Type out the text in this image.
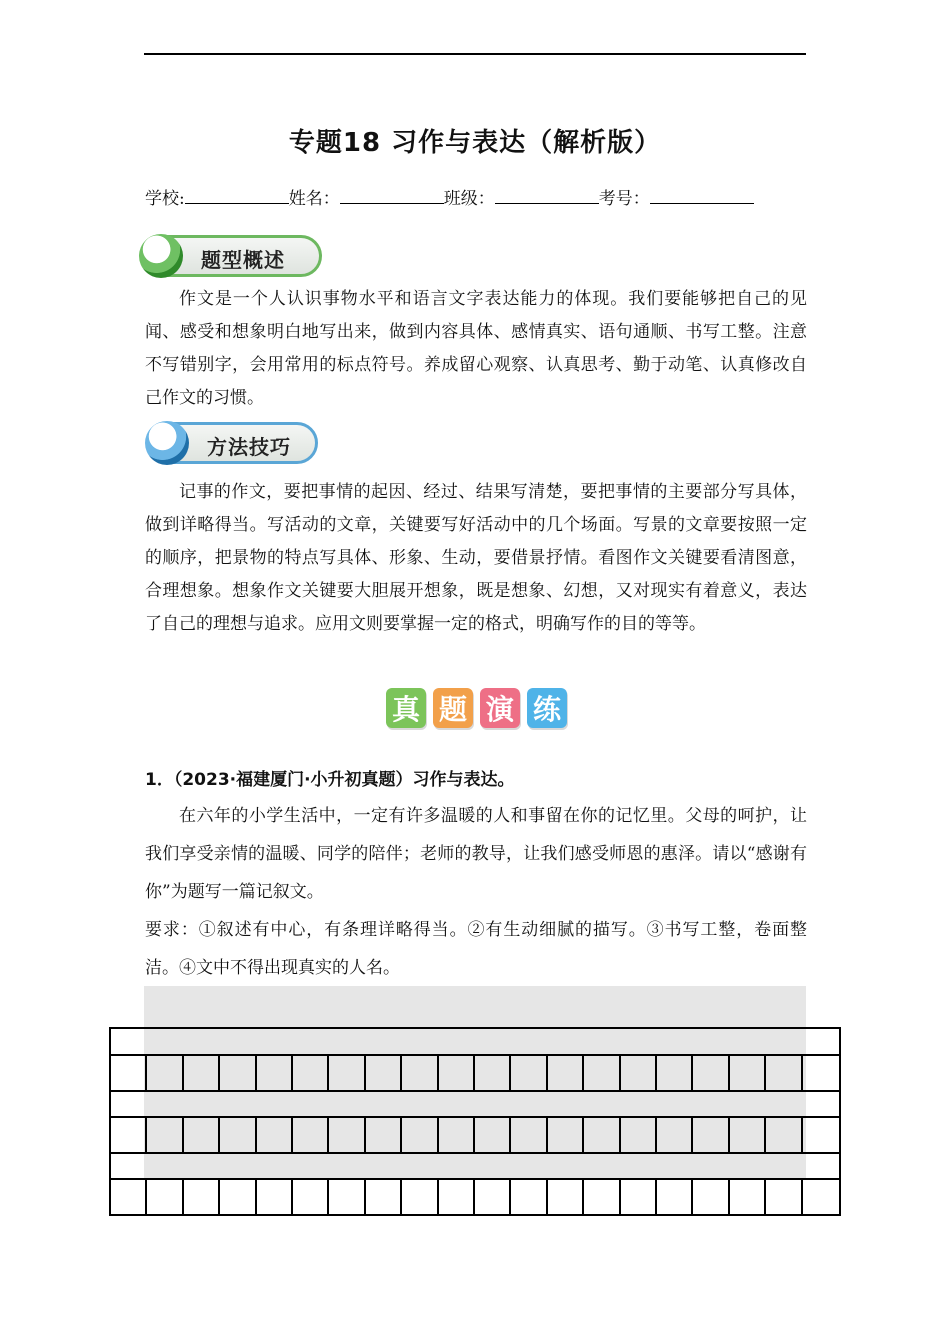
专题18 习作与表达（解析版）
学校:	姓名：	班级：	考号：
题型概述
作文是一个人认识事物水平和语言文字表达能力的体现。我们要能够把自己的见闻、感受和想象明白地写出来，做到内容具体、感情真实、语句通顺、书写工整。注意不写错别字，会用常用的标点符号。养成留心观察、认真思考、勤于动笔、认真修改自己作文的习惯。
方法技巧
记事的作文，要把事情的起因、经过、结果写清楚，要把事情的主要部分写具体，做到详略得当。写活动的文章，关键要写好活动中的几个场面。写景的文章要按照一定的顺序，把景物的特点写具体、形象、生动，要借景抒情。看图作文关键要看清图意，合理想象。想象作文关键要大胆展开想象，既是想象、幻想，又对现实有着意义，表达了自己的理想与追求。应用文则要掌握一定的格式，明确写作的目的等等。
真 题 演 练
1．（2023·福建厦门·小升初真题）习作与表达。
在六年的小学生活中，一定有许多温暖的人和事留在你的记忆里。父母的呵护，让我们享受亲情的温暖、同学的陪伴；老师的教导，让我们感受师恩的惠泽。请以“感谢有你”为题写一篇记叙文。
要求：①叙述有中心，有条理详略得当。②有生动细腻的描写。③书写工整，卷面整洁。④文中不得出现真实的人名。
